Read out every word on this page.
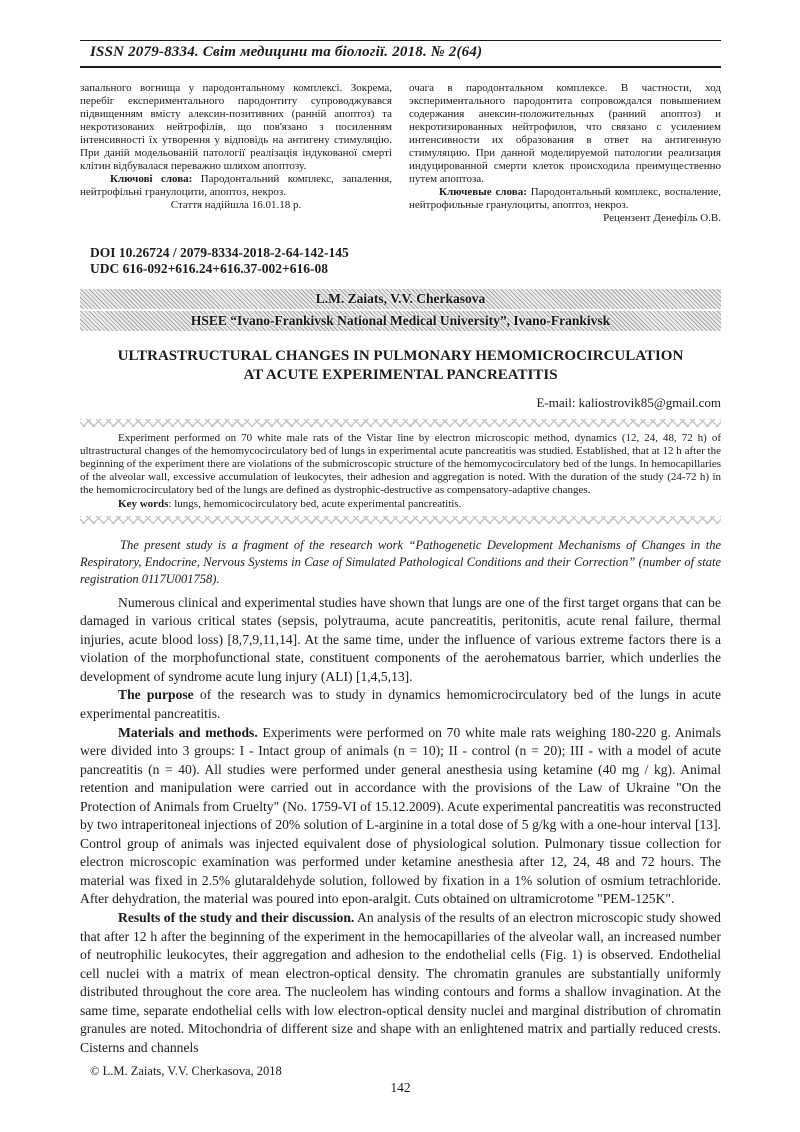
ISSN 2079-8334. Світ медицини та біології. 2018. № 2(64)

запального вогнища у пародонтальному комплексі. Зокрема, перебіг експериментального пародонтиту супроводжувався підвищенням вмісту алексин-позитивних (ранній апоптоз) та некротизованих нейтрофілів, що пов'язано з посиленням інтенсивності їх утворення у відповідь на антигену стимуляцію. При даній модельованій патології реалізація індукованої смерті клітин відбувалася переважно шляхом апоптозу.

Ключові слова: Пародонтальний комплекс, запалення, нейтрофільні гранулоцити, апоптоз, некроз.

Стаття надійшла 16.01.18 р.

очага в пародонтальном комплексе. В частности, ход экспериментального пародонтита сопровождался повышением содержания анексин-положительных (ранний апоптоз) и некротизированных нейтрофилов, что связано с усилением интенсивности их образования в ответ на антигенную стимуляцию. При данной моделируемой патологии реализация индуцированной смерти клеток происходила преимущественно путем апоптоза.

Ключевые слова: Пародонтальный комплекс, воспаление, нейтрофильные гранулоциты, апоптоз, некроз.

Рецензент Денефіль О.В.

DOI 10.26724 / 2079-8334-2018-2-64-142-145
UDC 616-092+616.24+616.37-002+616-08
L.M. Zaiats, V.V. Cherkasova
HSEE “Ivano-Frankivsk National Medical University”, Ivano-Frankivsk
ULTRASTRUCTURAL CHANGES IN PULMONARY HEMOMICROCIRCULATION
AT ACUTE EXPERIMENTAL PANCREATITIS
E-mail: kaliostrovik85@gmail.com

Experiment performed on 70 white male rats of the Vistar line by electron microscopic method, dynamics (12, 24, 48, 72 h) of ultrastructural changes of the hemomycocirculatory bed of lungs in experimental acute pancreatitis was studied. Established, that at 12 h after the beginning of the experiment there are violations of the submicroscopic structure of the hemomycocirculatory bed of the lungs. In hemocapillaries of the alveolar wall, excessive accumulation of leukocytes, their adhesion and aggregation is noted. With the duration of the study (24-72 h) in the hemomicrocirculatory bed of the lungs are defined as dystrophic-destructive as compensatory-adaptive changes.

Key words: lungs, hemomicocirculatory bed, acute experimental pancreatitis.

The present study is a fragment of the research work “Pathogenetic Development Mechanisms of Changes in the Respiratory, Endocrine, Nervous Systems in Case of Simulated Pathological Conditions and their Correction” (number of state registration 0117U001758).

Numerous clinical and experimental studies have shown that lungs are one of the first target organs that can be damaged in various critical states (sepsis, polytrauma, acute pancreatitis, peritonitis, acute renal failure, thermal injuries, acute blood loss) [8,7,9,11,14]. At the same time, under the influence of various extreme factors there is a violation of the morphofunctional state, constituent components of the aerohematous barrier, which underlies the development of syndrome acute lung injury (ALI) [1,4,5,13].

The purpose of the research was to study in dynamics hemomicrocirculatory bed of the lungs in acute experimental pancreatitis.

Materials and methods. Experiments were performed on 70 white male rats weighing 180-220 g. Animals were divided into 3 groups: I - Intact group of animals (n = 10); II - control (n = 20); III - with a model of acute pancreatitis (n = 40). All studies were performed under general anesthesia using ketamine (40 mg / kg). Animal retention and manipulation were carried out in accordance with the provisions of the Law of Ukraine "On the Protection of Animals from Cruelty" (No. 1759-VI of 15.12.2009). Acute experimental pancreatitis was reconstructed by two intraperitoneal injections of 20% solution of L-arginine in a total dose of 5 g/kg with a one-hour interval [13]. Control group of animals was injected equivalent dose of physiological solution. Pulmonary tissue collection for electron microscopic examination was performed under ketamine anesthesia after 12, 24, 48 and 72 hours. The material was fixed in 2.5% glutaraldehyde solution, followed by fixation in a 1% solution of osmium tetrachloride. After dehydration, the material was poured into epon-aralgit. Cuts obtained on ultramicrotome "PEM-125K".

Results of the study and their discussion. An analysis of the results of an electron microscopic study showed that after 12 h after the beginning of the experiment in the hemocapillaries of the alveolar wall, an increased number of neutrophilic leukocytes, their aggregation and adhesion to the endothelial cells (Fig. 1) is observed. Endothelial cell nuclei with a matrix of mean electron-optical density. The chromatin granules are substantially uniformly distributed throughout the core area. The nucleolem has winding contours and forms a shallow invagination. At the same time, separate endothelial cells with low electron-optical density nuclei and marginal distribution of chromatin granules are noted. Mitochondria of different size and shape with an enlightened matrix and partially reduced crests. Cisterns and channels

© L.M. Zaiats, V.V. Cherkasova, 2018
142
